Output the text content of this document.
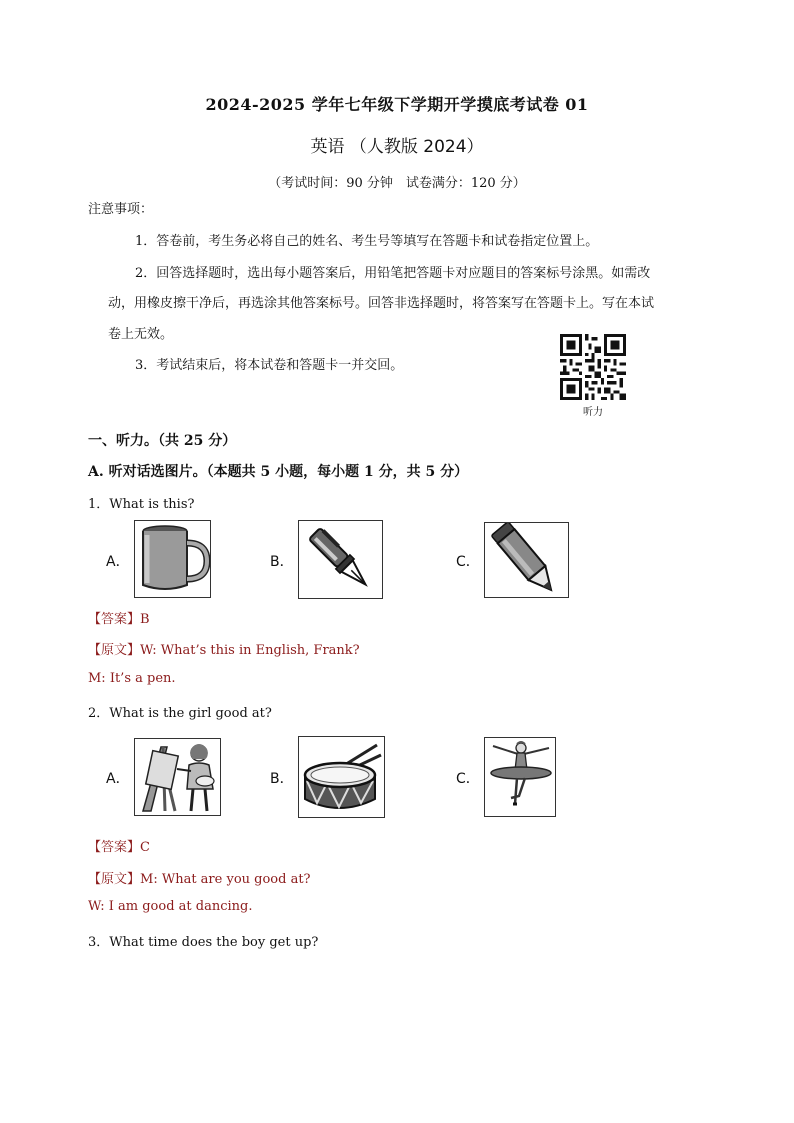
2024-2025 学年七年级下学期开学摸底考试卷 01
英语 （人教版 2024）
（考试时间：90 分钟　试卷满分：120 分）
注意事项：
1．答卷前，考生务必将自己的姓名、考生号等填写在答题卡和试卷指定位置上。
2．回答选择题时，选出每小题答案后，用铅笔把答题卡对应题目的答案标号涂黑。如需改
动，用橡皮擦干净后，再选涂其他答案标号。回答非选择题时，将答案写在答题卡上。写在本试
卷上无效。
3．考试结束后，将本试卷和答题卡一并交回。
听力
一、听力。（共 25 分）
A. 听对话选图片。（本题共 5 小题，每小题 1 分，共 5 分）
1．What is this?
A．	B．	C．
【答案】B
【原文】W: What’s this in English, Frank?
M: It’s a pen.
2．What is the girl good at?
A．	B．	C．
【答案】C
【原文】M: What are you good at?
W: I am good at dancing.
3．What time does the boy get up?
